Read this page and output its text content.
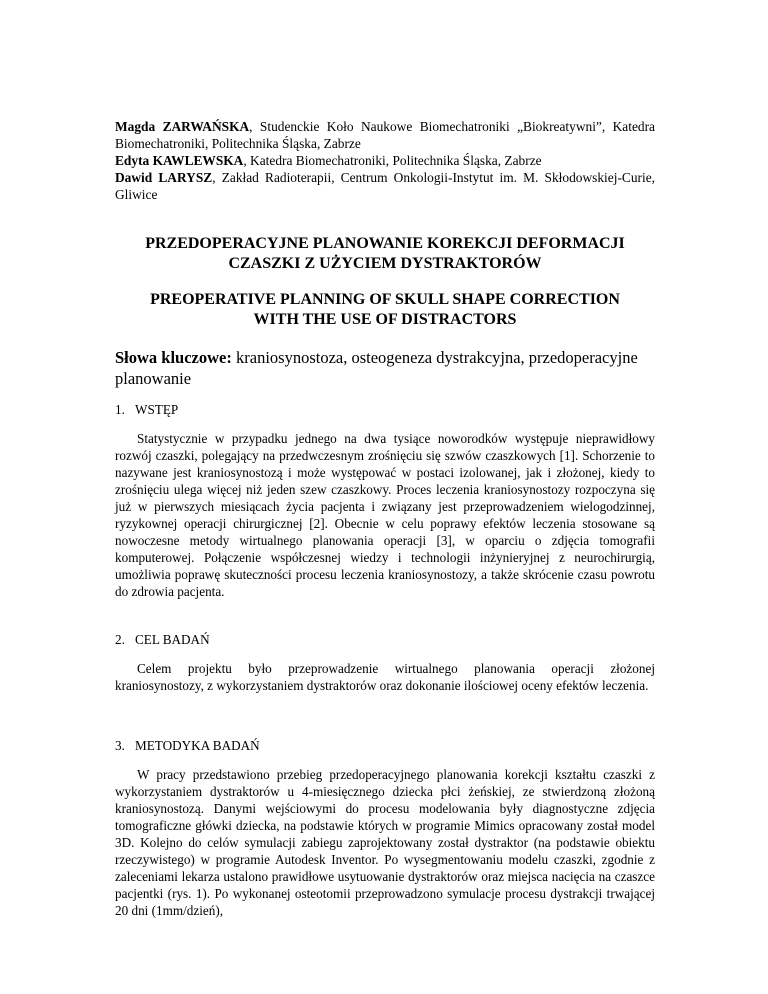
Magda ZARWAŃSKA, Studenckie Koło Naukowe Biomechatroniki „Biokreatywni”, Katedra Biomechatroniki, Politechnika Śląska, Zabrze
Edyta KAWLEWSKA, Katedra Biomechatroniki, Politechnika Śląska, Zabrze
Dawid LARYSZ, Zakład Radioterapii, Centrum Onkologii-Instytut im. M. Skłodowskiej-Curie, Gliwice
PRZEDOPERACYJNE PLANOWANIE KOREKCJI DEFORMACJI
CZASZKI Z UŻYCIEM DYSTRAKTORÓW
PREOPERATIVE PLANNING OF SKULL SHAPE CORRECTION
WITH THE USE OF DISTRACTORS
Słowa kluczowe: kraniosynostoza, osteogeneza dystrakcyjna, przedoperacyjne planowanie
1. WSTĘP
Statystycznie w przypadku jednego na dwa tysiące noworodków występuje nieprawidłowy rozwój czaszki, polegający na przedwczesnym zrośnięciu się szwów czaszkowych [1]. Schorzenie to nazywane jest kraniosynostozą i może występować w postaci izolowanej, jak i złożonej, kiedy to zrośnięciu ulega więcej niż jeden szew czaszkowy. Proces leczenia kraniosynostozy rozpoczyna się już w pierwszych miesiącach życia pacjenta i związany jest przeprowadzeniem wielogodzinnej, ryzykownej operacji chirurgicznej [2]. Obecnie w celu poprawy efektów leczenia stosowane są nowoczesne metody wirtualnego planowania operacji [3], w oparciu o zdjęcia tomografii komputerowej. Połączenie współczesnej wiedzy i technologii inżynieryjnej z neurochirurgią, umożliwia poprawę skuteczności procesu leczenia kraniosynostozy, a także skrócenie czasu powrotu do zdrowia pacjenta.
2. CEL BADAŃ
Celem projektu było przeprowadzenie wirtualnego planowania operacji złożonej kraniosynostozy, z wykorzystaniem dystraktorów oraz dokonanie ilościowej oceny efektów leczenia.
3. METODYKA BADAŃ
W pracy przedstawiono przebieg przedoperacyjnego planowania korekcji kształtu czaszki z wykorzystaniem dystraktorów u 4-miesięcznego dziecka płci żeńskiej, ze stwierdzoną złożoną kraniosynostozą. Danymi wejściowymi do procesu modelowania były diagnostyczne zdjęcia tomograficzne główki dziecka, na podstawie których w programie Mimics opracowany został model 3D. Kolejno do celów symulacji zabiegu zaprojektowany został dystraktor (na podstawie obiektu rzeczywistego) w programie Autodesk Inventor. Po wysegmentowaniu modelu czaszki, zgodnie z zaleceniami lekarza ustalono prawidłowe usytuowanie dystraktorów oraz miejsca nacięcia na czaszce pacjentki (rys. 1). Po wykonanej osteotomii przeprowadzono symulacje procesu dystrakcji trwającej 20 dni (1mm/dzień),
